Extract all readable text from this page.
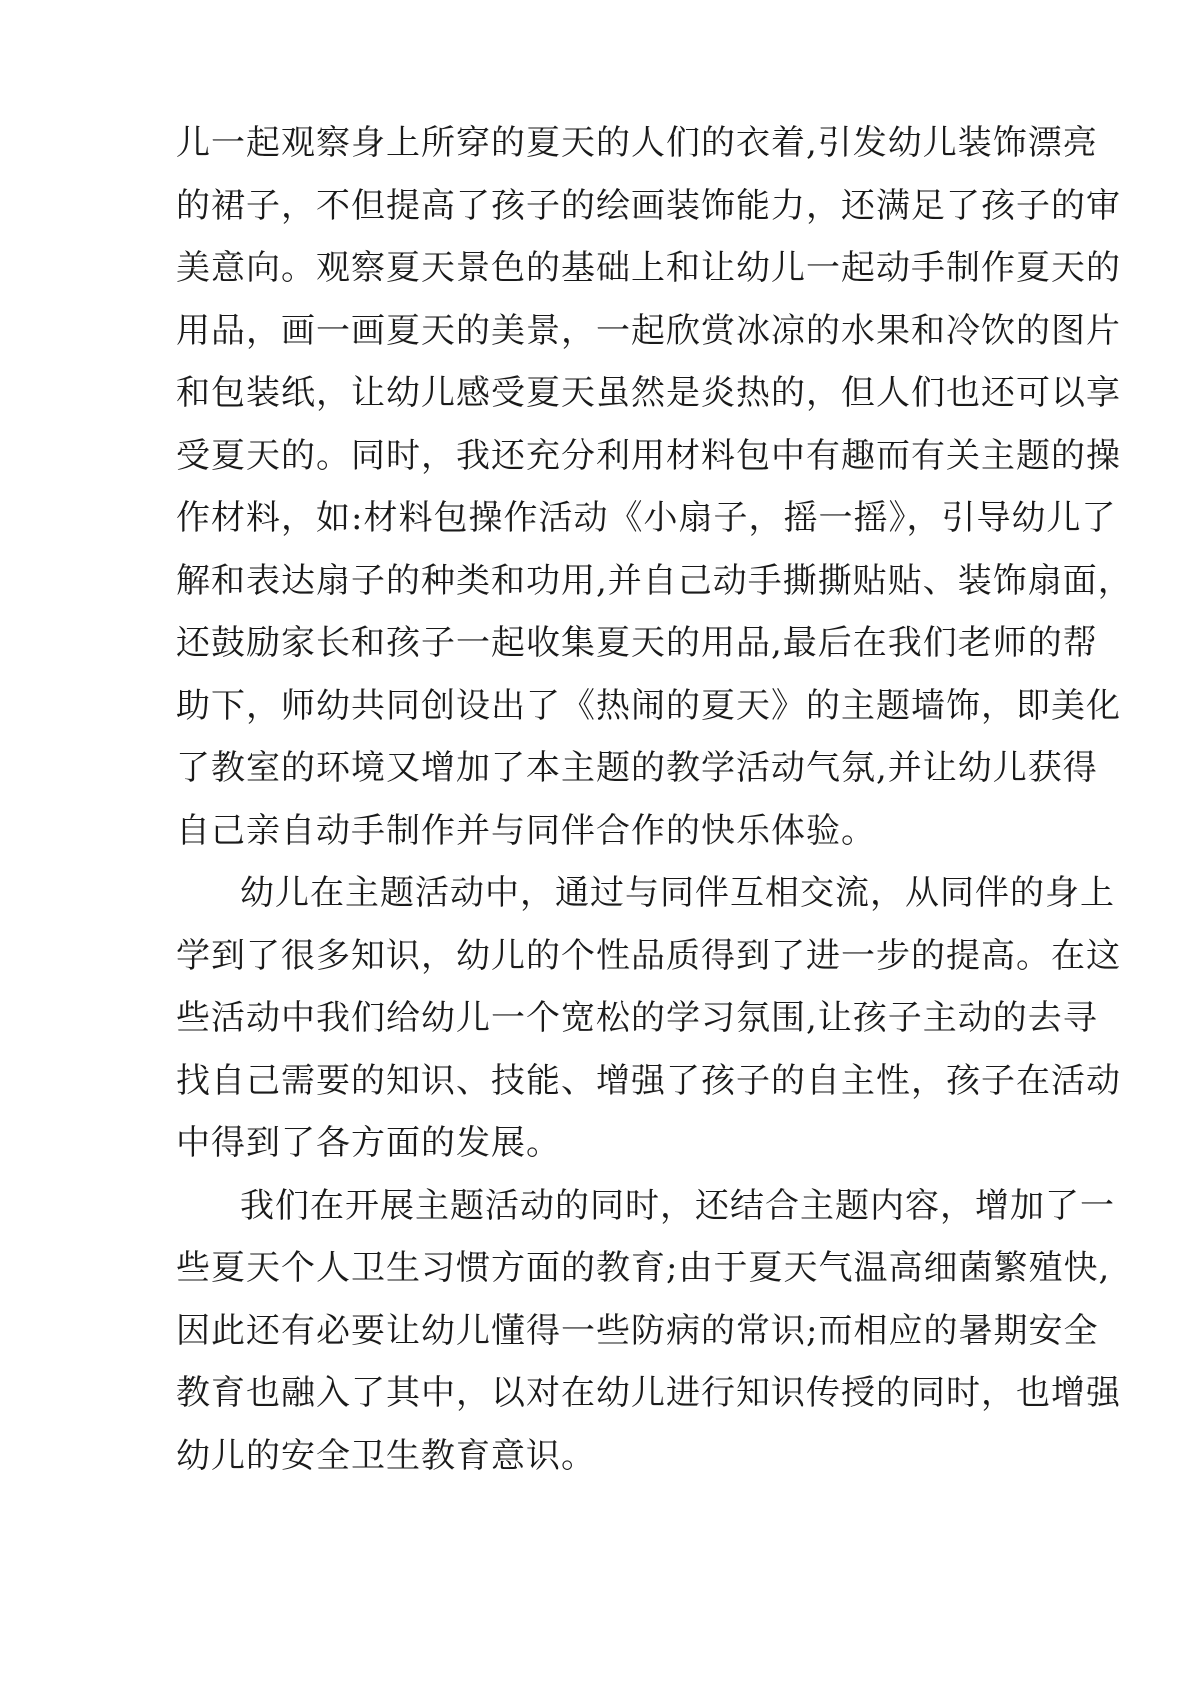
儿一起观察身上所穿的夏天的人们的衣着,引发幼儿装饰漂亮
的裙子，不但提高了孩子的绘画装饰能力，还满足了孩子的审
美意向。观察夏天景色的基础上和让幼儿一起动手制作夏天的
用品，画一画夏天的美景，一起欣赏冰凉的水果和冷饮的图片
和包装纸，让幼儿感受夏天虽然是炎热的，但人们也还可以享
受夏天的。同时，我还充分利用材料包中有趣而有关主题的操
作材料，如:材料包操作活动《小扇子，摇一摇》，引导幼儿了
解和表达扇子的种类和功用,并自己动手撕撕贴贴、装饰扇面，
还鼓励家长和孩子一起收集夏天的用品,最后在我们老师的帮
助下，师幼共同创设出了《热闹的夏天》的主题墙饰，即美化
了教室的环境又增加了本主题的教学活动气氛,并让幼儿获得
自己亲自动手制作并与同伴合作的快乐体验。
幼儿在主题活动中，通过与同伴互相交流，从同伴的身上
学到了很多知识，幼儿的个性品质得到了进一步的提高。在这
些活动中我们给幼儿一个宽松的学习氛围,让孩子主动的去寻
找自己需要的知识、技能、增强了孩子的自主性，孩子在活动
中得到了各方面的发展。
我们在开展主题活动的同时，还结合主题内容，增加了一
些夏天个人卫生习惯方面的教育;由于夏天气温高细菌繁殖快,
因此还有必要让幼儿懂得一些防病的常识;而相应的暑期安全
教育也融入了其中，以对在幼儿进行知识传授的同时，也增强
幼儿的安全卫生教育意识。
